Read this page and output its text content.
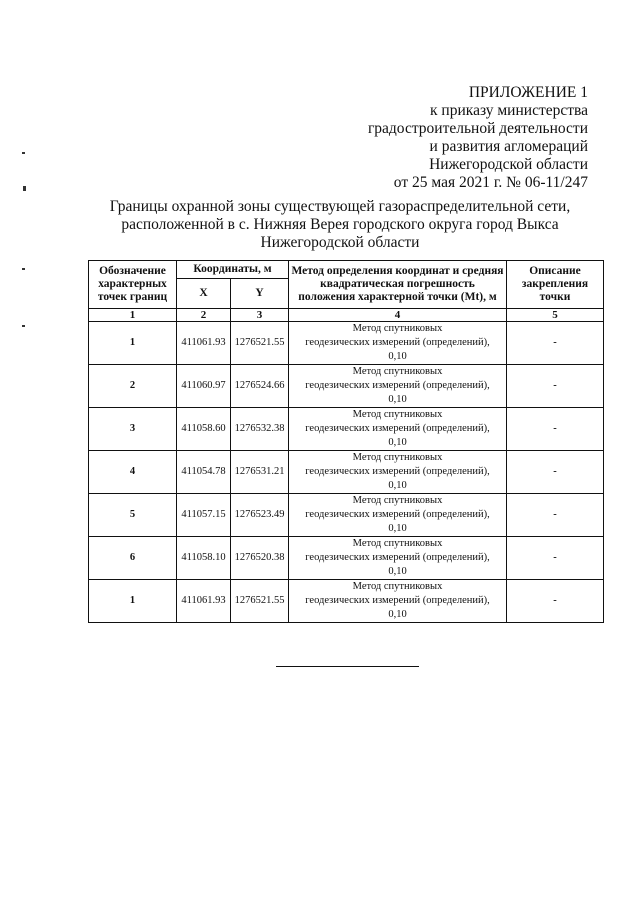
ПРИЛОЖЕНИЕ 1
к приказу министерства
градостроительной деятельности
и развития агломераций
Нижегородской области
от 25 мая 2021 г. № 06-11/247
Границы охранной зоны существующей газораспределительной сети,
расположенной в с. Нижняя Верея городского округа город Выкса
Нижегородской области
Обозначение характерных точек границ	Координаты, м		Метод определения координат и средняя квадратическая погрешность положения характерной точки (Mt), м	Описание закрепления точки
	X	Y		
1	2	3	4	5
1	411061.93	1276521.55	Метод спутниковых
геодезических измерений (определений),
0,10	-
2	411060.97	1276524.66	Метод спутниковых
геодезических измерений (определений),
0,10	-
3	411058.60	1276532.38	Метод спутниковых
геодезических измерений (определений),
0,10	-
4	411054.78	1276531.21	Метод спутниковых
геодезических измерений (определений),
0,10	-
5	411057.15	1276523.49	Метод спутниковых
геодезических измерений (определений),
0,10	-
6	411058.10	1276520.38	Метод спутниковых
геодезических измерений (определений),
0,10	-
1	411061.93	1276521.55	Метод спутниковых
геодезических измерений (определений),
0,10	-
